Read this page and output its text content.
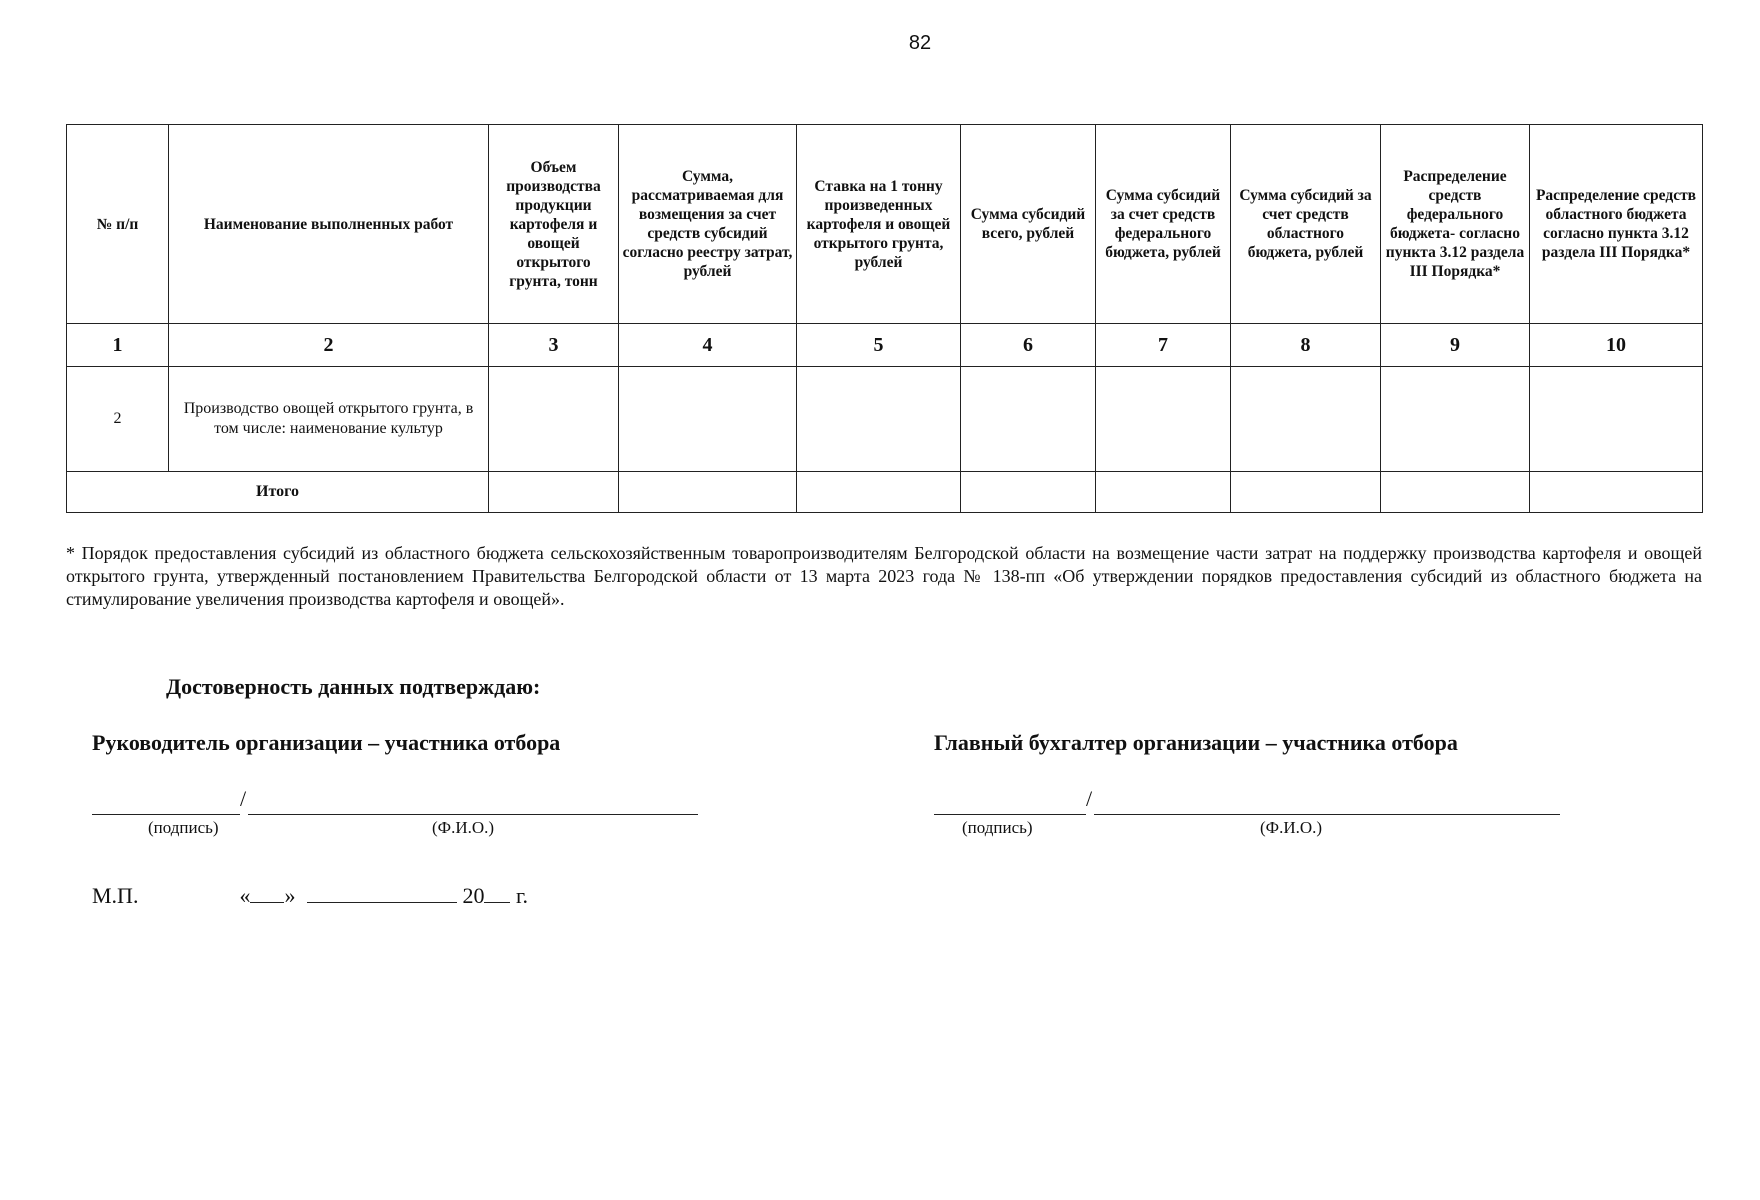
82
№ п/п	Наименование выполненных работ	Объем производства продукции картофеля и овощей открытого грунта, тонн	Сумма, рассматриваемая для возмещения за счет средств субсидий согласно реестру затрат, рублей	Ставка на 1 тонну произведенных картофеля и овощей открытого грунта, рублей	Сумма субсидий всего, рублей	Сумма субсидий за счет средств федерального бюджета, рублей	Сумма субсидий за счет средств областного бюджета, рублей	Распределение средств федерального бюджета- согласно пункта 3.12 раздела III Порядка*	Распределение средств областного бюджета согласно пункта 3.12 раздела III Порядка*
1	2	3	4	5	6	7	8	9	10
2	Производство овощей открытого грунта, в том числе: наименование культур								
Итого									
* Порядок предоставления субсидий из областного бюджета сельскохозяйственным товаропроизводителям Белгородской области на возмещение части затрат на поддержку производства картофеля и овощей открытого грунта, утвержденный постановлением Правительства Белгородской области от 13 марта 2023 года № 138-пп «Об утверждении порядков предоставления субсидий из областного бюджета на стимулирование увеличения производства картофеля и овощей».
Достоверность данных подтверждаю:
Руководитель организации – участника отбора
/
(подпись)	(Ф.И.О.)
Главный бухгалтер организации – участника отбора
/
(подпись)	(Ф.И.О.)
М.П.	« »	20 г.
